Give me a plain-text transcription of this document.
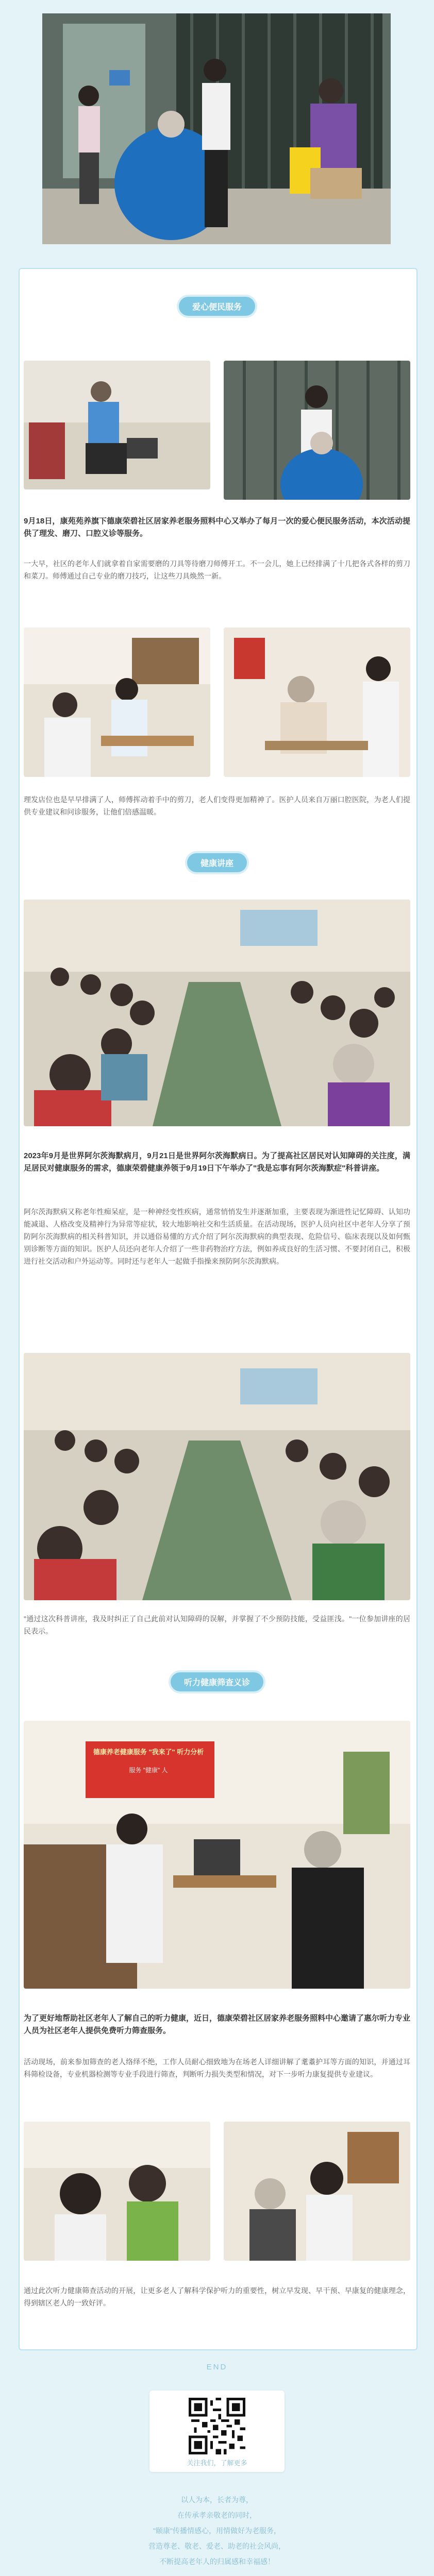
爱心便民服务
9月18日，康苑苑养旗下德康荣碧社区居家养老服务照料中心又举办了每月一次的爱心便民服务活动，本次活动提供了理发、磨刀、口腔义诊等服务。
一大早，社区的老年人们就拿着自家需要磨的刀具等待磨刀师傅开工。不一会儿，她上已经排满了十几把各式各样的剪刀和菜刀。师傅通过自己专业的磨刀技巧，让这些刀具焕然一新。
理发店位也是早早排满了人，师傅挥动着手中的剪刀，老人们变得更加精神了。医护人员来自万丽口腔医院，为老人们提供专业建议和问诊服务，让他们倍感温暖。
健康讲座
2023年9月是世界阿尔茨海默病月，9月21日是世界阿尔茨海默病日。为了提高社区居民对认知障碍的关注度，满足居民对健康服务的需求，德康荣碧健康养领于9月19日下午举办了"我是忘事有阿尔茨海默症"科普讲座。
阿尔茨海默病又称老年性痴呆症，是一种神经变性疾病，通常悄悄发生并逐渐加重，主要表现为渐进性记忆障碍、认知功能减退、人格改变及精神行为异常等症状，较大地影响社交和生活质量。在活动现场，医护人员向社区中老年人分享了预防阿尔茨海默病的相关科普知识，并以通俗易懂的方式介绍了阿尔茨海默病的典型表现、危险信号、临床表现以及如何甄别诊断等方面的知识。医护人员还向老年人介绍了一些非药物治疗方法，例如养成良好的生活习惯、不要封闭自己，积极进行社交活动和户外运动等。同时还与老年人一起做手指操来预防阿尔茨海默病。
"通过这次科普讲座，我及时纠正了自己此前对认知障碍的误解，并掌握了不少预防技能，受益匪浅。"一位参加讲座的居民表示。
听力健康筛查义诊
德康养老健康服务 "我来了" 听力分析
服务 "健康" 人
为了更好地帮助社区老年人了解自己的听力健康，近日，德康荣碧社区居家养老服务照料中心邀请了惠尔听力专业人员为社区老年人提供免费听力筛查服务。
活动现场，前来参加筛查的老人络绎不绝，工作人员耐心细致地为在场老人详细讲解了耄耋护耳等方面的知识，并通过耳科筛检设备，专业机器检测等专业手段进行筛查，判断听力损失类型和情况，对下一步听力康复提供专业建议。
通过此次听力健康筛查活动的开展，让更多老人了解科学保护听力的重要性，树立早发现、早干预、早康复的健康理念，得到辖区老人的一致好评。
END
关注我们，了解更多
以人为本，长者为尊，
在传承孝亲敬老的同时，
"颐康"传播情感心，用情做好为老服务，
营造尊老、敬老、爱老、助老的社会风尚，
不断提高老年人的归属感和幸福感！
